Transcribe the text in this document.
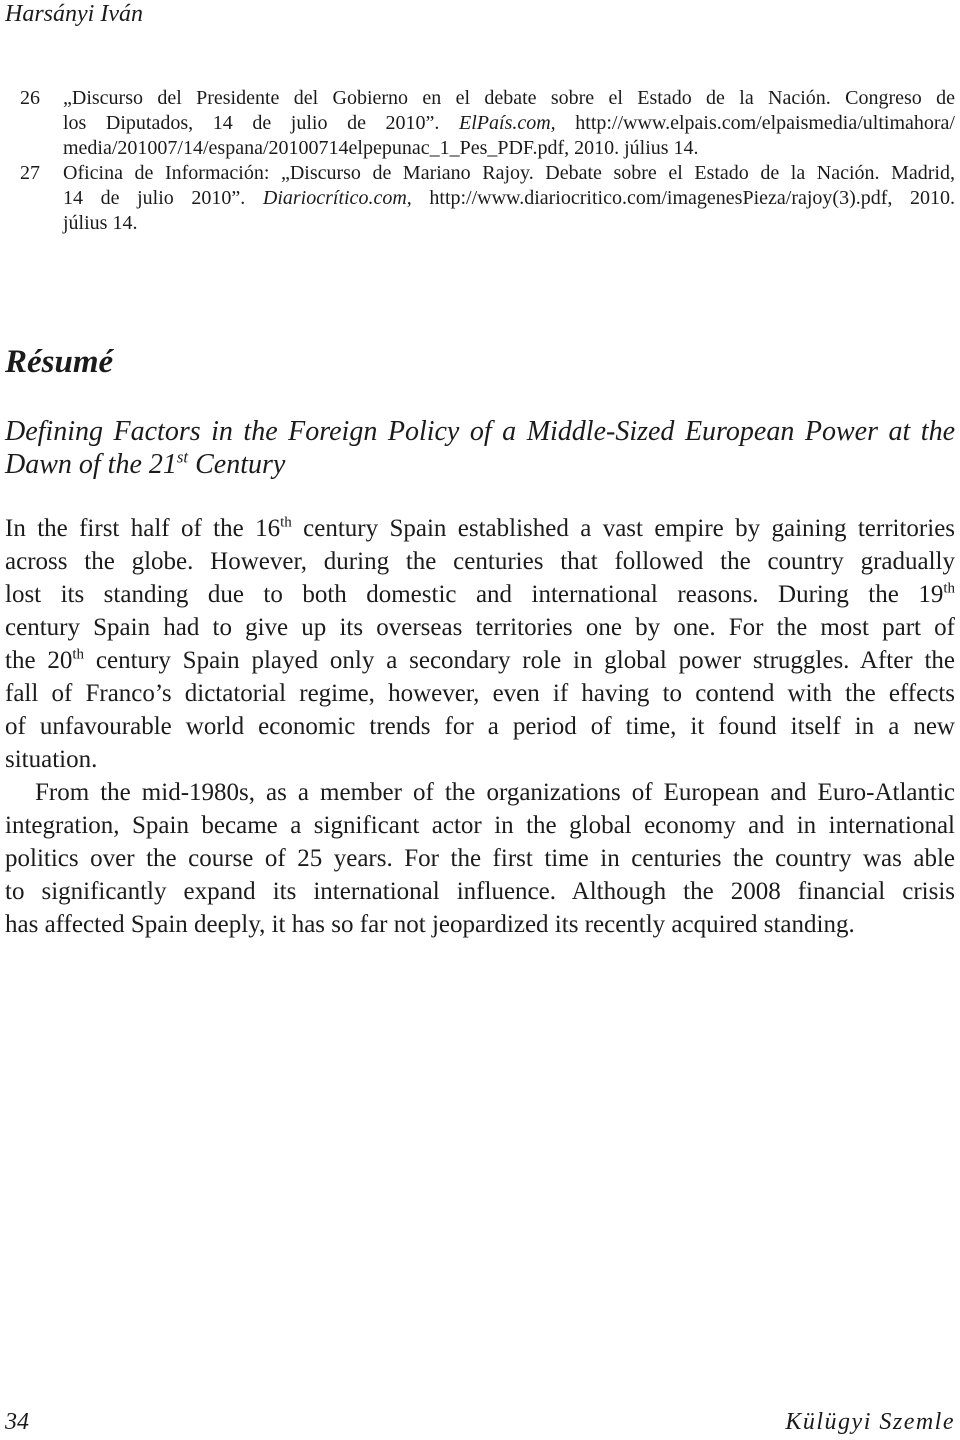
Harsányi Iván
26	„Discurso del Presidente del Gobierno en el debate sobre el Estado de la Nación. Congreso de
los Diputados, 14 de julio de 2010”. ElPaís.com, http://www.elpais.com/elpaismedia/ultimahora/
media/201007/14/espana/20100714elpepunac_1_Pes_PDF.pdf, 2010. július 14.
27	Oficina de Información: „Discurso de Mariano Rajoy. Debate sobre el Estado de la Nación. Madrid,
14 de julio 2010”. Diariocrítico.com, http://www.diariocritico.com/imagenesPieza/rajoy(3).pdf, 2010.
július 14.
Résumé
Defining Factors in the Foreign Policy of a Middle-Sized European Power at the
Dawn of the 21st Century
In the first half of the 16th century Spain established a vast empire by gaining territories
across the globe. However, during the centuries that followed the country gradually
lost its standing due to both domestic and international reasons. During the 19th
century Spain had to give up its overseas territories one by one. For the most part of
the 20th century Spain played only a secondary role in global power struggles. After the
fall of Franco’s dictatorial regime, however, even if having to contend with the effects
of unfavourable world economic trends for a period of time, it found itself in a new
situation.
From the mid-1980s, as a member of the organizations of European and Euro-Atlantic
integration, Spain became a significant actor in the global economy and in international
politics over the course of 25 years. For the first time in centuries the country was able
to significantly expand its international influence. Although the 2008 financial crisis
has affected Spain deeply, it has so far not jeopardized its recently acquired standing.
34	Külügyi Szemle
